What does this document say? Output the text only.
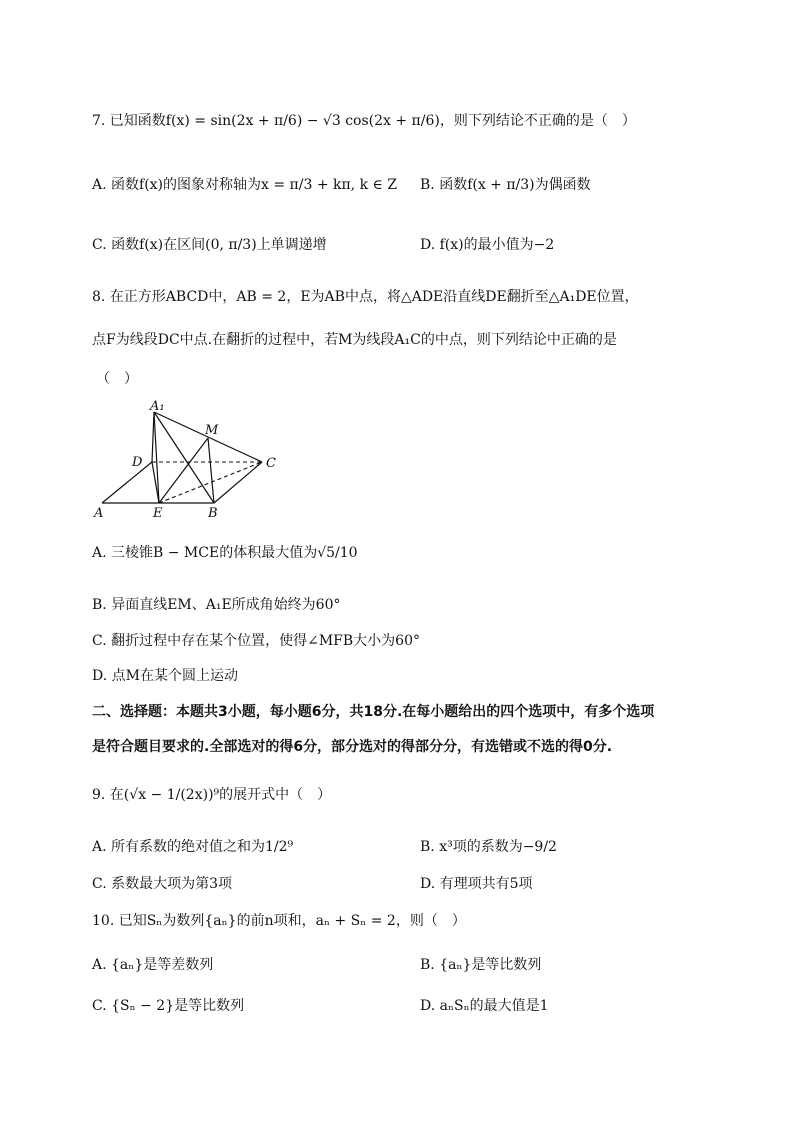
7. 已知函数f(x) = sin(2x + π/6) − √3 cos(2x + π/6)，则下列结论不正确的是（　）
A. 函数f(x)的图象对称轴为x = π/3 + kπ, k ∈ Z B. 函数f(x + π/3)为偶函数
C. 函数f(x)在区间(0, π/3)上单调递增	D. f(x)的最小值为−2
8. 在正方形ABCD中，AB = 2，E为AB中点，将△ADE沿直线DE翻折至△A₁DE位置，
点F为线段DC中点.在翻折的过程中，若M为线段A₁C的中点，则下列结论中正确的是
（　）
A₁
M
D	C
A	E	B
A. 三棱锥B − MCE的体积最大值为√5/10
B. 异面直线EM、A₁E所成角始终为60°
C. 翻折过程中存在某个位置，使得∠MFB大小为60°
D. 点M在某个圆上运动
二、选择题：本题共3小题，每小题6分，共18分.在每小题给出的四个选项中，有多个选项
是符合题目要求的.全部选对的得6分，部分选对的得部分分，有选错或不选的得0分.
9. 在(√x − 1/(2x))⁹的展开式中（　）
A. 所有系数的绝对值之和为1/2⁹	B. x³项的系数为−9/2
C. 系数最大项为第3项	D. 有理项共有5项
10. 已知Sₙ为数列{aₙ}的前n项和，aₙ + Sₙ = 2，则（　）
A. {aₙ}是等差数列	B. {aₙ}是等比数列
C. {Sₙ − 2}是等比数列	D. aₙSₙ的最大值是1
